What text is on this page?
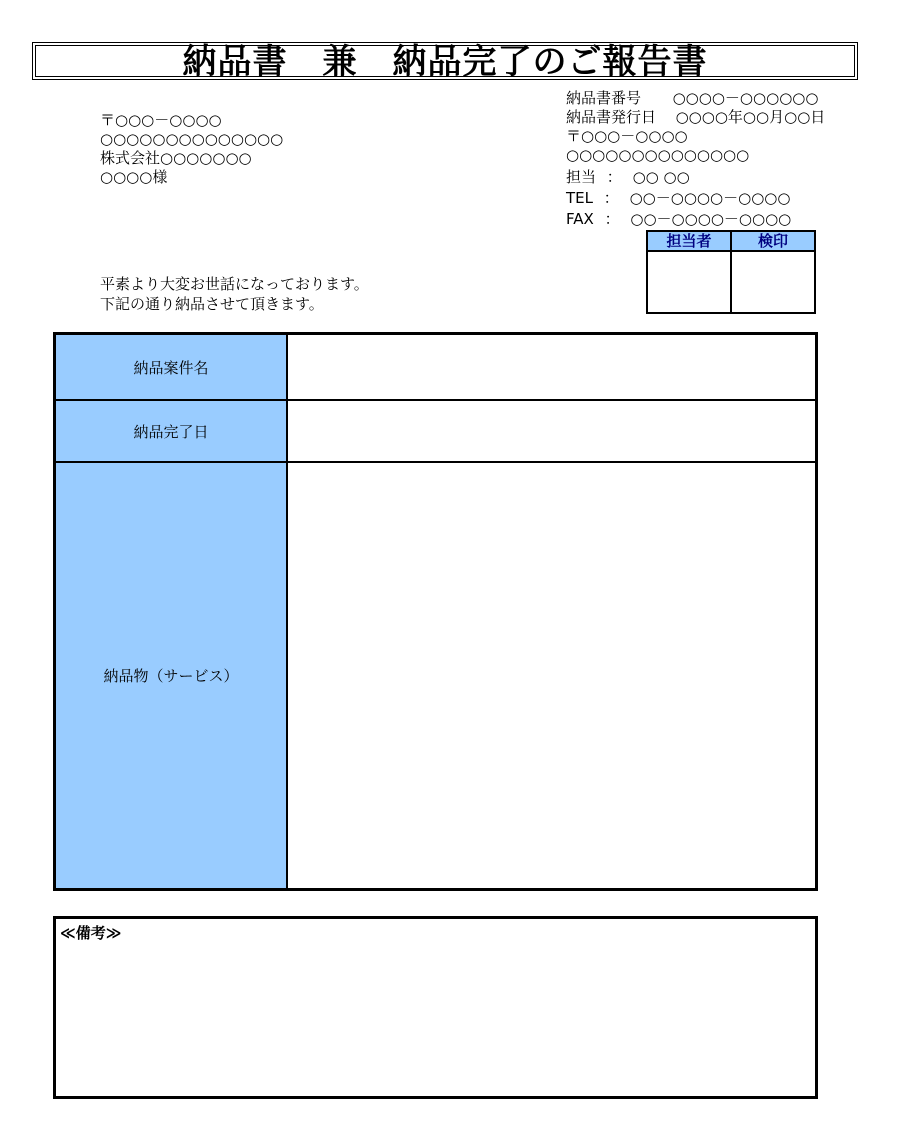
納品書　兼　納品完了のご報告書
〒○○○－○○○○
○○○○○○○○○○○○○○
株式会社○○○○○○○
○○○○様
納品書番号 ○○○○－○○○○○○
納品書発行日 ○○○○年○○月○○日
〒○○○－○○○○
○○○○○○○○○○○○○○
担当 ： ○○ ○○
TEL ： ○○－○○○○－○○○○
FAX ： ○○－○○○○－○○○○
担当者	検印
平素より大変お世話になっております。
下記の通り納品させて頂きます。
納品案件名
納品完了日
納品物（サービス）
≪備考≫
